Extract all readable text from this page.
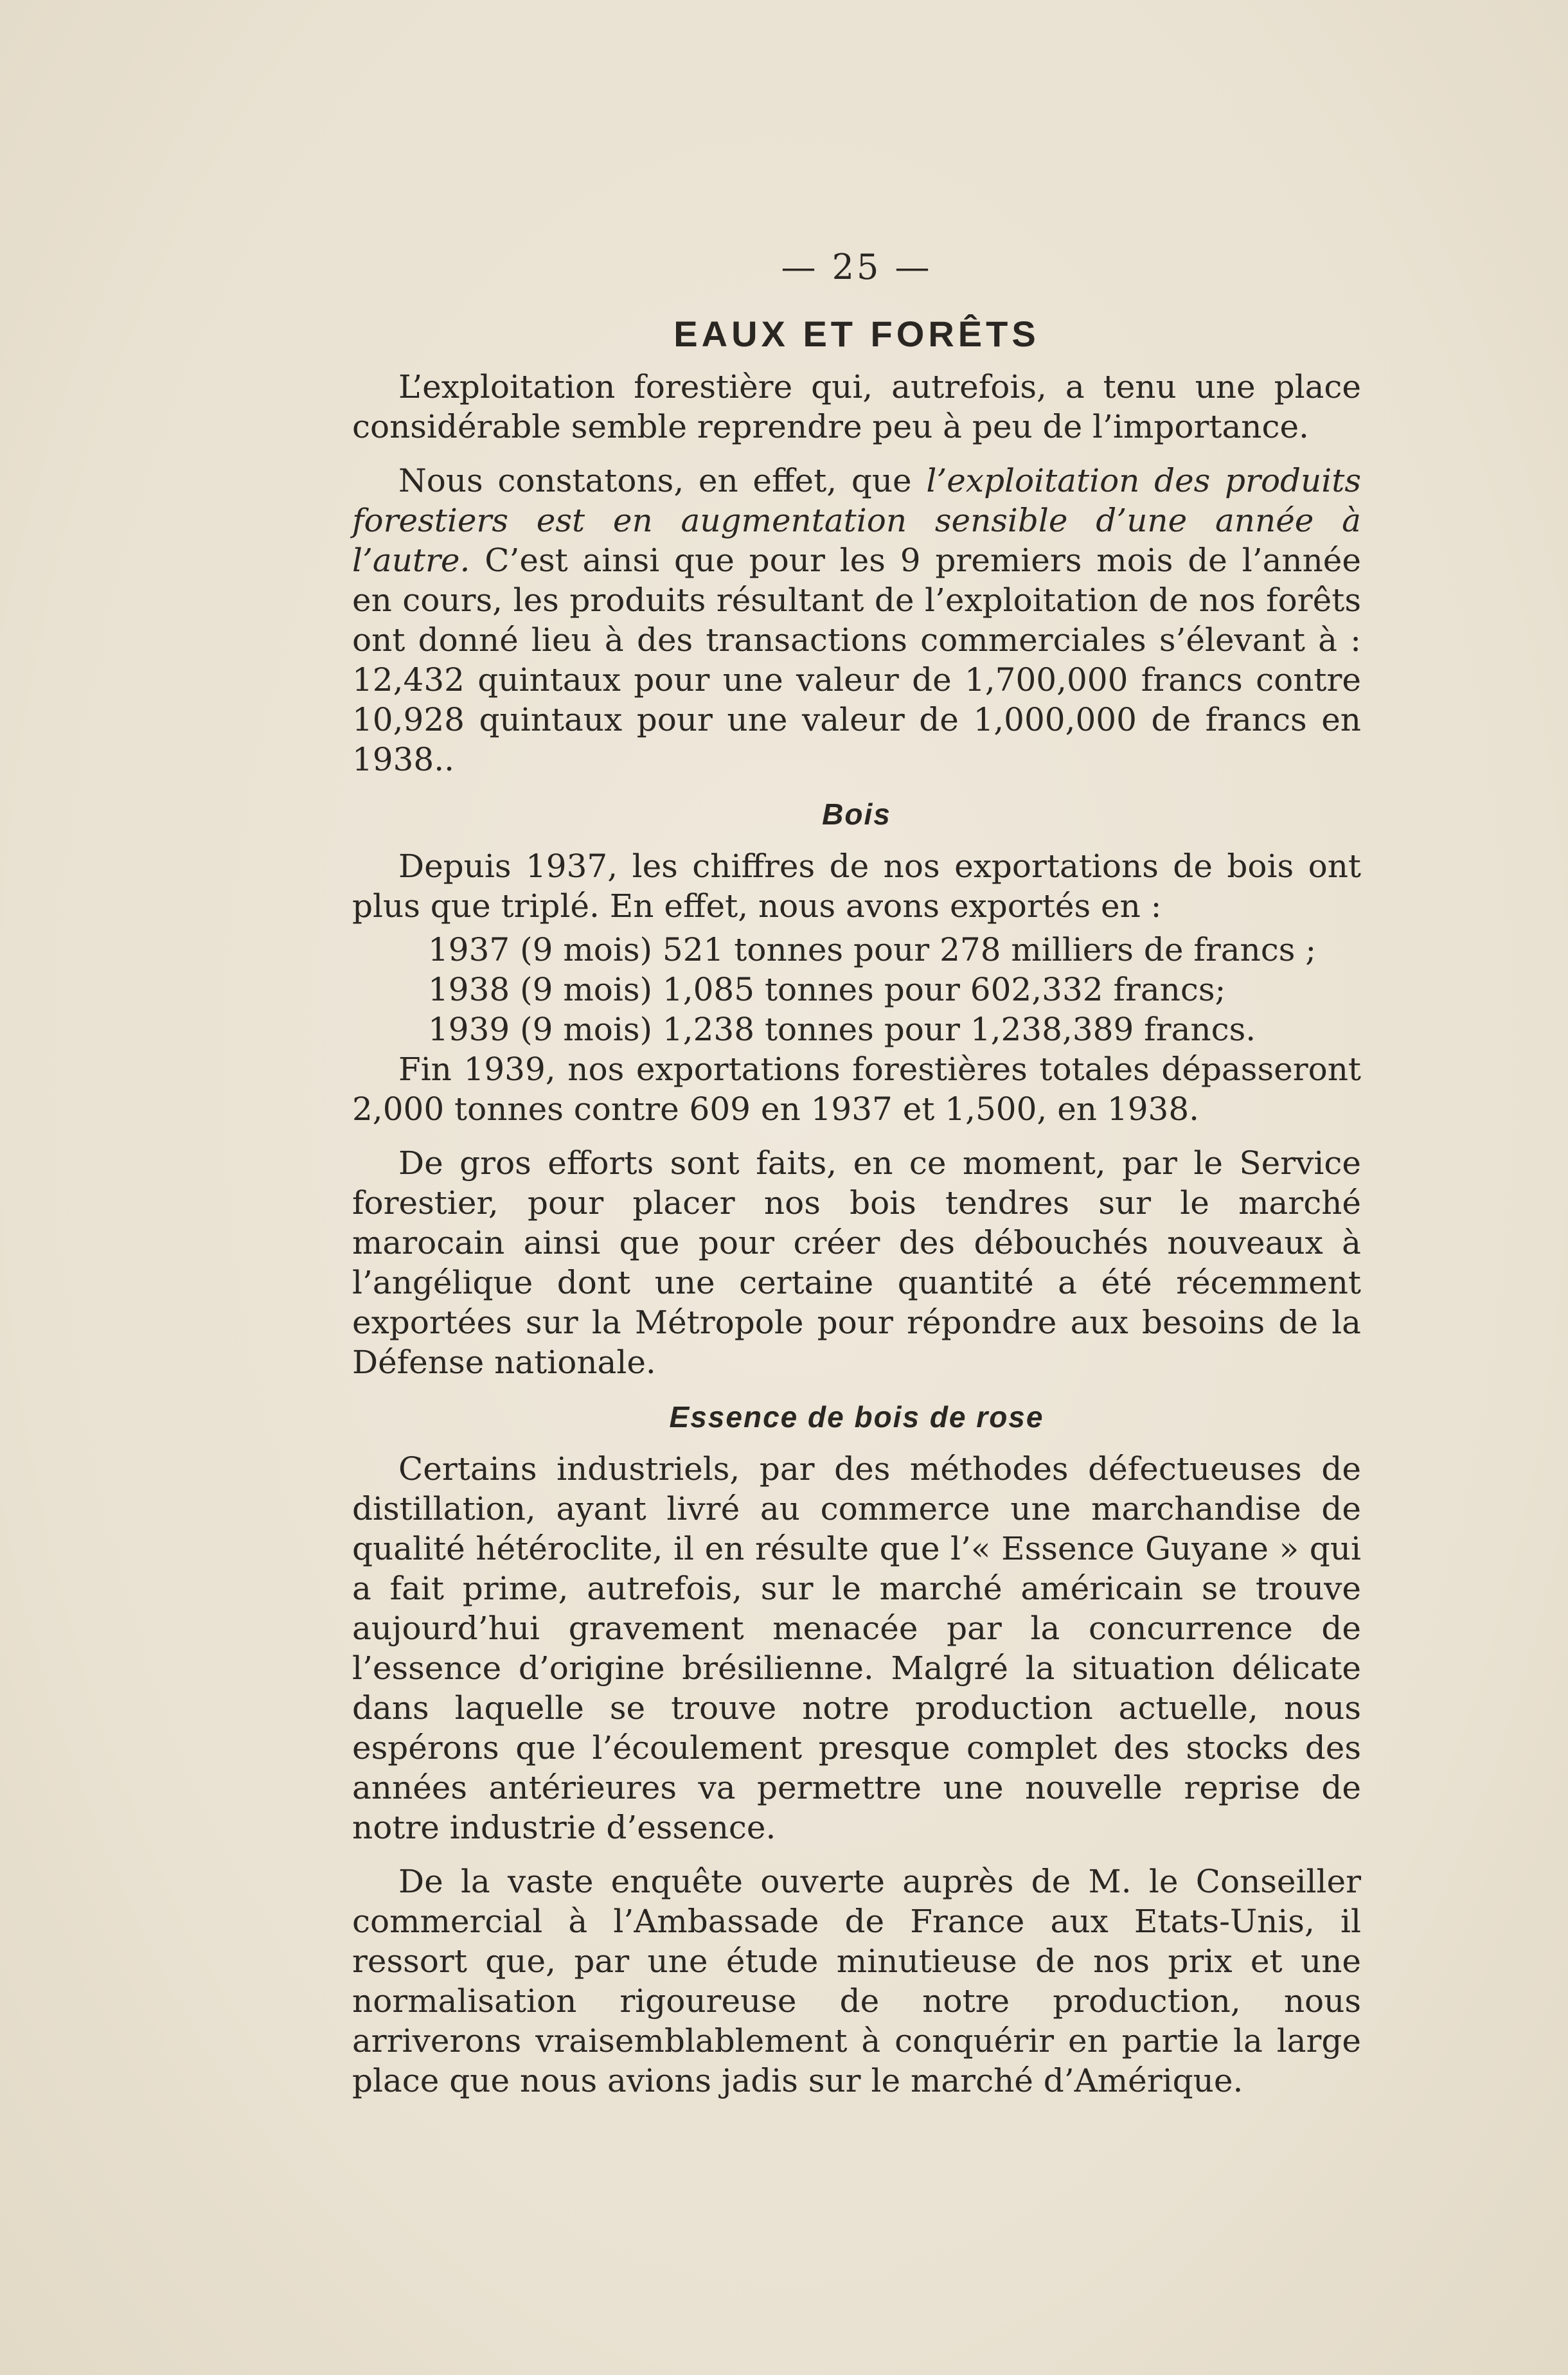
— 25 —
EAUX ET FORÊTS

L’exploitation forestière qui, autrefois, a tenu une place considérable semble reprendre peu à peu de l’importance.

Nous constatons, en effet, que l’exploitation des produits forestiers est en augmentation sensible d’une année à l’autre. C’est ainsi que pour les 9 premiers mois de l’année en cours, les produits résultant de l’exploitation de nos forêts ont donné lieu à des transactions commerciales s’élevant à : 12,432 quintaux pour une valeur de 1,700,000 francs contre 10,928 quintaux pour une valeur de 1,000,000 de francs en 1938..

Bois

Depuis 1937, les chiffres de nos exportations de bois ont plus que triplé. En effet, nous avons exportés en :

1937 (9 mois) 521 tonnes pour 278 milliers de francs ;
1938 (9 mois) 1,085 tonnes pour 602,332 francs;
1939 (9 mois) 1,238 tonnes pour 1,238,389 francs.

Fin 1939, nos exportations forestières totales dépasseront 2,000 tonnes contre 609 en 1937 et 1,500, en 1938.

De gros efforts sont faits, en ce moment, par le Service forestier, pour placer nos bois tendres sur le marché marocain ainsi que pour créer des débouchés nouveaux à l’angélique dont une certaine quantité a été récemment exportées sur la Métropole pour répondre aux besoins de la Défense nationale.

Essence de bois de rose

Certains industriels, par des méthodes défectueuses de distillation, ayant livré au commerce une marchandise de qualité hétéroclite, il en résulte que l’« Essence Guyane » qui a fait prime, autrefois, sur le marché américain se trouve aujourd’hui gravement menacée par la concurrence de l’essence d’origine brésilienne. Malgré la situation délicate dans laquelle se trouve notre production actuelle, nous espérons que l’écoulement presque complet des stocks des années antérieures va permettre une nouvelle reprise de notre industrie d’essence.

De la vaste enquête ouverte auprès de M. le Conseiller commercial à l’Ambassade de France aux Etats-Unis, il ressort que, par une étude minutieuse de nos prix et une normalisation rigoureuse de notre production, nous arriverons vraisemblablement à conquérir en partie la large place que nous avions jadis sur le marché d’Amérique.
